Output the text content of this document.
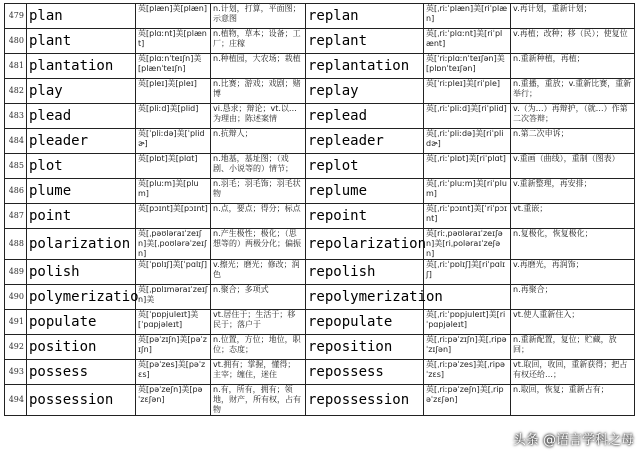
479	plan	英[plæn]美[plæn]	n.计划，打算，平面图；示意图	replan	英[ˌriːˈplæn]美[riˈplæn]	v.再计划，重新计划；
480	plant	英[plɑːnt]美[plænt]	n.植物，草本；设备；工厂；庄稼	replant	英[ˌriːˈplɑːnt]美[riˈplænt]	v.再植；改种；移（民）；使复位
481	plantation	英[plɑːnˈteɪʃn]美[plænˈteɪʃn]	n.种植园，大农场；栽植	replantation	英[ˈriːplɑːnˈteɪʃən]美[plɒnˈteɪʃən]	n.重新种植，再植；
482	play	英[pleɪ]美[pleɪ]	n.比赛；游戏；戏剧；赌博	replay	英[ˈriːpleɪ]美[riˈple]	n.重播，重放；v.重新比赛，重新举行；
483	plead	英[pliːd]美[plid]	vi.恳求；辩论；vt.以…为理由；陈述案情	replead	英[ˌriːˈpliːd]美[riˈplid]	v.（为…）再辩护，（就…）作第二次答辩；
484	pleader	英[ˈpliːdə]美[ˈplidɚ]	n.抗辩人；	repleader	英[ˌriːˈpliːdə]美[riˈplidɚ]	n.第二次申诉；
485	plot	英[plɒt]美[plɑt]	n.地基，基址图；（戏剧、小说等的）情节；	replot	英[ˌriːˈplɒt]美[riˈplɑt]	v.重画（曲线），重制（图表）
486	plume	英[pluːm]美[plum]	n.羽毛；羽毛饰；羽毛状物	replume	英[ˌriːˈpluːm]美[riˈplum]	v.重新整理，再安排；
487	point	英[pɔɪnt]美[pɔɪnt]	n.点，要点；得分；标点	repoint	英[ˌriːˈpɔɪnt]美[ˈriˈpɔɪnt]	vt.重嵌；
488	polarization	英[ˌpəʊləraɪˈzeɪʃn]美[ˌpoʊlərəˈzeɪʃn]	n.产生极性；极化；（思想等的）两极分化；偏振	repolarization	英[riːˌpəʊləraɪˈzeɪʃən]美[riˌpoləraɪˈzeʃən]	n.复极化，恢复极化；
489	polish	英[ˈpɒlɪʃ]美[ˈpɑlɪʃ]	v.擦光；磨光；修改；润色	repolish	英[ˌriːˈpɒlɪʃ]美[riˈpɑlɪʃ]	v.再磨光，再润饰；
490	polymerizatio	英[ˌpɒlɪməraɪˈzeɪʃn]美	n.聚合；多项式	repolymerization		n.再聚合；
491	populate	英[ˈpɒpjuleɪt]美[ˈpɑpjəleɪt]	vt.居住于；生活于；移民于；落户于	repopulate	英[ˌriːˈpɒpjuleɪt]美[riˈpɑpjəleɪt]	vt.使人重新住入；
492	position	英[pəˈzɪʃn]美[pəˈzɪʃn]	n.位置，方位；地位，职位；态度；	reposition	英[ˌriːpəˈzɪʃn]美[ˌripəˈzɪʃən]	n.重新配置，复位；贮藏，放回；
493	possess	英[pəˈzes]美[pəˈzɛs]	vt.拥有；掌握，懂得；主宰；缠住，迷住	repossess	英[ˌriːpəˈzes]美[ˌripəˈzɛs]	vt.取回，收回，重新获得；把占有权还给…；
494	possession	英[pəˈzeʃn]美[pəˈzɛʃən]	n.有，所有，拥有；领地，财产，所有权，占有物	repossession	英[ˌriːpəˈzeʃn]美[ˌripəˈzɛʃən]	n.取回，恢复；重新占有；
头条 @语言学科之母
